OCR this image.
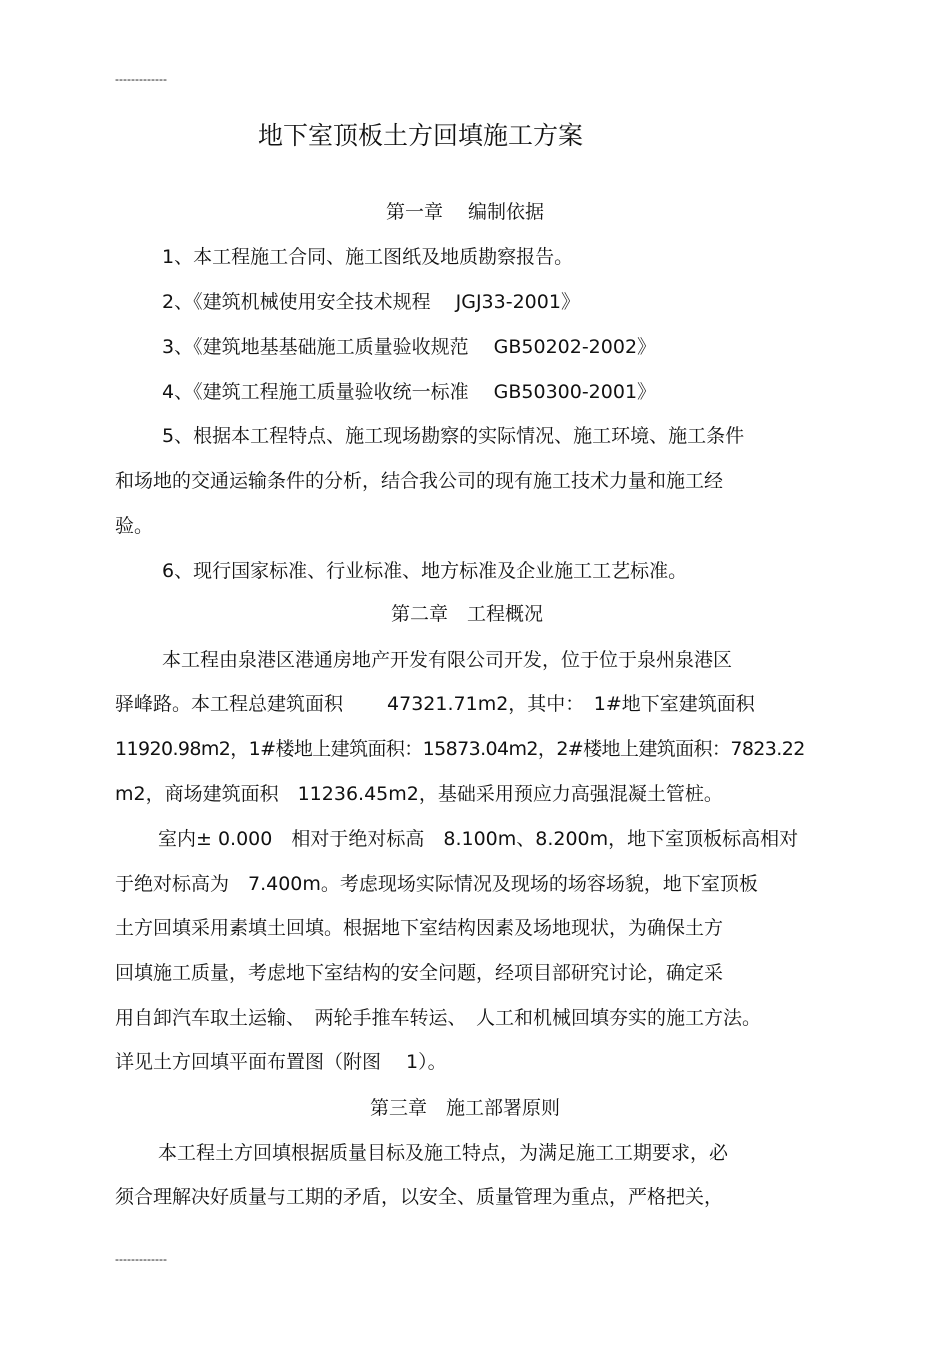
-------------
地下室顶板土方回填施工方案
第一章　 编制依据
1、本工程施工合同、施工图纸及地质勘察报告。
2、《建筑机械使用安全技术规程　 JGJ33-2001》
3、《建筑地基基础施工质量验收规范　 GB50202-2002》
4、《建筑工程施工质量验收统一标准　 GB50300-2001》
5、根据本工程特点、施工现场勘察的实际情况、施工环境、施工条件
和场地的交通运输条件的分析，结合我公司的现有施工技术力量和施工经
验。
6、现行国家标准、行业标准、地方标准及企业施工工艺标准。
第二章　工程概况
本工程由泉港区港通房地产开发有限公司开发，位于位于泉州泉港区
驿峰路。本工程总建筑面积　　 47321.71m2，其中：　1#地下室建筑面积
11920.98m2，1#楼地上建筑面积：15873.04m2，2#楼地上建筑面积：7823.22
m2，商场建筑面积　11236.45m2，基础采用预应力高强混凝土管桩。
室内± 0.000　相对于绝对标高　8.100m、8.200m，地下室顶板标高相对
于绝对标高为　7.400m。考虑现场实际情况及现场的场容场貌，地下室顶板
土方回填采用素填土回填。根据地下室结构因素及场地现状，为确保土方
回填施工质量，考虑地下室结构的安全问题，经项目部研究讨论，确定采
用自卸汽车取土运输、　两轮手推车转运、　人工和机械回填夯实的施工方法。
详见土方回填平面布置图（附图　 1）。
第三章　施工部署原则
本工程土方回填根据质量目标及施工特点，为满足施工工期要求，必
须合理解决好质量与工期的矛盾，以安全、质量管理为重点，严格把关，
-------------
